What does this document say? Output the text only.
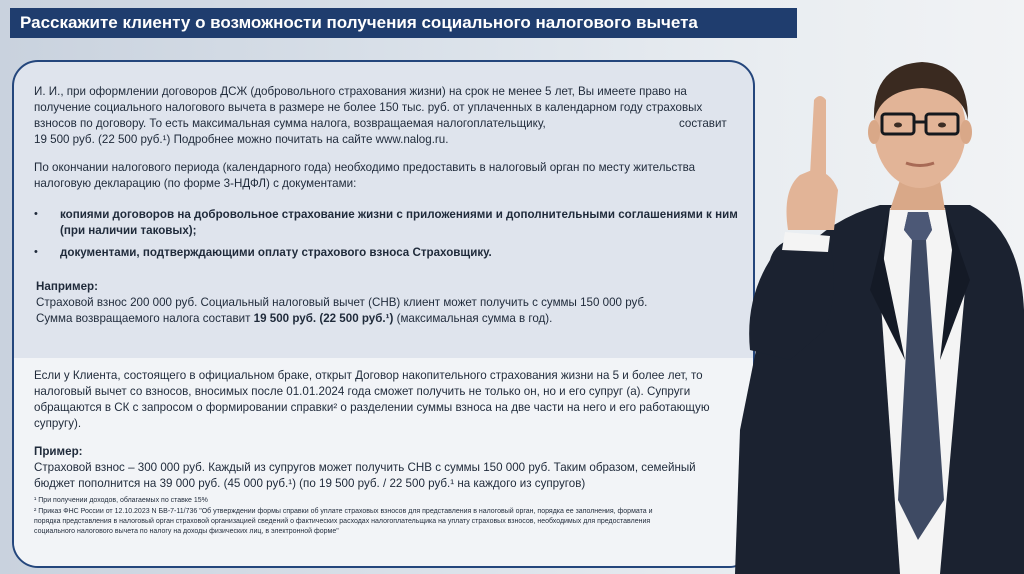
Расскажите клиенту о возможности получения социального налогового вычета
И. И., при оформлении договоров ДСЖ (добровольного страхования жизни) на срок не менее 5 лет, Вы имеете право на
получение социального налогового вычета в размере не более 150 тыс. руб. от уплаченных в календарном году страховых
взносов по договору. То есть максимальная сумма налога, возвращаемая налогоплательщику,	составит
19 500 руб. (22 500 руб.¹) Подробнее можно почитать на сайте www.nalog.ru.
По окончании налогового периода (календарного года) необходимо предоставить в налоговый орган по месту жительства
налоговую декларацию (по форме 3-НДФЛ) с документами:
• копиями договоров на добровольное страхование жизни с приложениями и дополнительными соглашениями к ним
(при наличии таковых);
• документами, подтверждающими оплату страхового взноса Страховщику.
Например:
Страховой взнос 200 000 руб. Социальный налоговый вычет (СНВ) клиент может получить с суммы 150 000 руб.
Сумма возвращаемого налога составит 19 500 руб. (22 500 руб.¹) (максимальная сумма в год).
Если у Клиента, состоящего в официальном браке, открыт Договор накопительного страхования жизни на 5 и более лет, то
налоговый вычет со взносов, вносимых после 01.01.2024 года сможет получить не только он, но и его супруг (а). Супруги
обращаются в СК с запросом о формировании справки² о разделении суммы взноса на две части на него и его работающую
супругу).
Пример:
Страховой взнос – 300 000 руб. Каждый из супругов может получить СНВ с суммы 150 000 руб. Таким образом, семейный
бюджет пополнится на 39 000 руб. (45 000 руб.¹) (по 19 500 руб. / 22 500 руб.¹ на каждого из супругов)
¹ При получении доходов, облагаемых по ставке 15%
² Приказ ФНС России от 12.10.2023 N БВ-7-11/736 "Об утверждении формы справки об уплате страховых взносов для представления в налоговый орган, порядка ее заполнения, формата и
порядка представления в налоговый орган страховой организацией сведений о фактических расходах налогоплательщика на уплату страховых взносов, необходимых для предоставления
социального налогового вычета по налогу на доходы физических лиц, в электронной форме"
